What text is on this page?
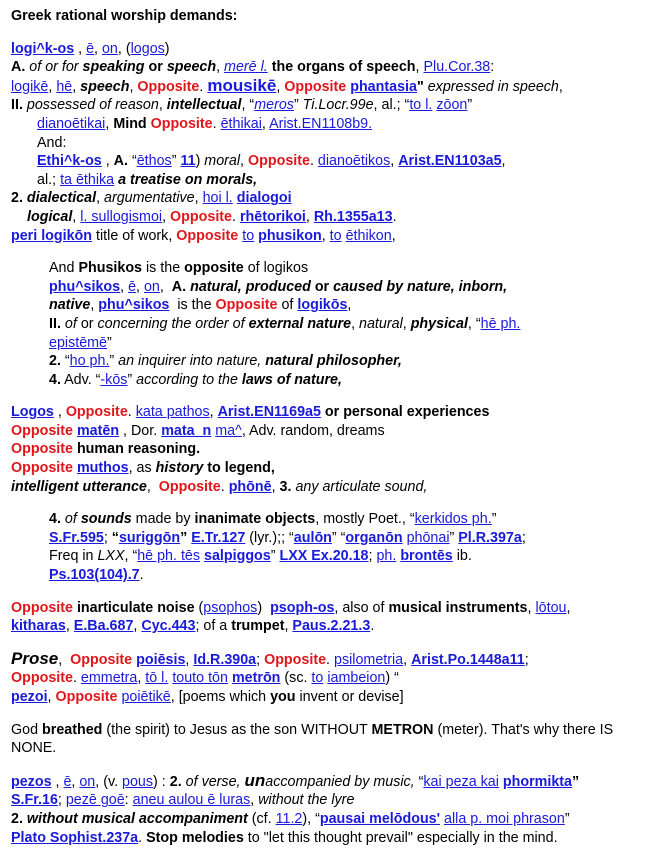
Greek rational worship demands:

logi^k-os , ē, on, (logos)

A. of or for speaking or speech, merē l. the organs of speech, Plu.Cor.38:

logikē, hē, speech, Opposite. mousikē, Opposite phantasia" expressed in speech,

II. possessed of reason, intellectual, “meros” Ti.Locr.99e, al.; “to l. zōon”

dianoētikai, Mind Opposite. ēthikai, Arist.EN1108b9.

And:

Ethi^k-os , A. “ēthos” 11) moral, Opposite. dianoētikos, Arist.EN1103a5,

al.; ta ēthika a treatise on morals,

2. dialectical, argumentative, hoi l. dialogoi

logical, l. sullogismoi, Opposite. rhētorikoi, Rh.1355a13.

peri logikōn title of work, Opposite to phusikon, to ēthikon,

And Phusikos is the opposite of logikos

phu^sikos, ē, on,  A. natural, produced or caused by nature, inborn,

native, phu^sikos is the Opposite of logikōs,

II. of or concerning the order of external nature, natural, physical, “hē ph.

epistēmē”

2. “ho ph.” an inquirer into nature, natural philosopher,

4. Adv. “-kōs” according to the laws of nature,

Logos , Opposite. kata pathos, Arist.EN1169a5 or personal experiences

Opposite matēn , Dor. mata_n ma^, Adv. random, dreams

Opposite human reasoning.

Opposite muthos, as history to legend,

intelligent utterance,  Opposite. phōnē, 3. any articulate sound,

4. of sounds made by inanimate objects, mostly Poet., “kerkidos ph.”

S.Fr.595; “suriggōn” E.Tr.127 (lyr.);; “aulōn” “organōn phōnai” Pl.R.397a;

Freq in LXX, “hē ph. tēs salpiggos” LXX Ex.20.18; ph. brontēs ib.

Ps.103(104).7.

Opposite inarticulate noise (psophos)  psoph-os, also of musical instruments, lōtou,

kitharas, E.Ba.687, Cyc.443; of a trumpet, Paus.2.21.3.

Prose,  Opposite poiēsis, Id.R.390a; Opposite. psilometria, Arist.Po.1448a11;

Opposite. emmetra, tō l. touto tōn metrōn (sc. to iambeion) “

pezoi, Opposite poiētikē, [poems which you invent or devise]

God breathed (the spirit) to Jesus as the son WITHOUT METRON (meter). That's why there IS NONE.

pezos , ē, on, (v. pous) : 2. of verse, unaccompanied by music, “kai peza kai phormikta”

S.Fr.16; pezē goē: aneu aulou ē luras, without the lyre

2. without musical accompaniment (cf. 11.2), “pausai melōdous' alla p. moi phrason”

Plato Sophist.237a. Stop melodies to "let this thought prevail" especially in the mind.
